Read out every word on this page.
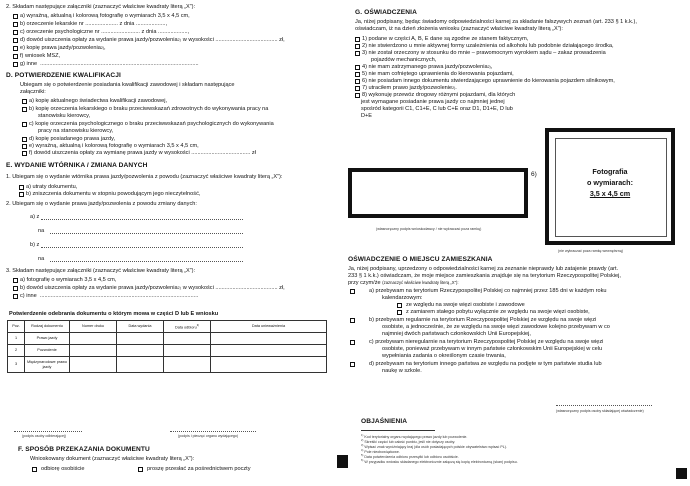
2. Składam następujące załączniki (zaznaczyć właściwe kwadraty literą „X”):
a) wyraźną, aktualną i kolorową fotografię o wymiarach 3,5 x 4,5 cm,
b) orzeczenie lekarskie nr ..................... z dnia ...................,
c) orzeczenie psychologiczne nr ......................... z dnia ...................,
d) dowód uiszczenia opłaty za wydanie prawa jazdy/pozwolenia 2) w wysokości ........................................ zł,
e) kopię prawa jazdy/pozwolenia 2) ,
f) wniosek MSZ,
g) inne ......................................................................................................
D. POTWIERDZENIE KWALIFIKACJI
Ubiegam się o potwierdzenie posiadania kwalifikacji zawodowej i składam następujące
załączniki:
a) kopię aktualnego świadectwa kwalifikacji zawodowej,
b) kopię orzeczenia lekarskiego o braku przeciwwskazań zdrowotnych do wykonywania pracy na
stanowisku kierowcy,
c) kopię orzeczenia psychologicznego o braku przeciwwskazań psychologicznych do wykonywania
pracy na stanowisku kierowcy,
d) kopię posiadanego prawa jazdy,
e) wyraźną, aktualną i kolorową fotografię o wymiarach 3,5 x 4,5 cm,
f) dowód uiszczenia opłaty za wymianę prawa jazdy w wysokości ...................................... zł
E. WYDANIE WTÓRNIKA / ZMIANA DANYCH
1. Ubiegam się o wydanie wtórnika prawa jazdy/pozwolenia z powodu (zaznaczyć właściwe kwadraty literą „X”):
a) utraty dokumentu,
b) zniszczenia dokumentu w stopniu powodującym jego nieczytelność,
2. Ubiegam się o wydanie prawa jazdy/pozwolenia z powodu zmiany danych:
a) z
na
b) z
na
3. Składam następujące załączniki (zaznaczyć właściwe kwadraty literą „X”):
a) fotografię o wymiarach 3,5 x 4,5 cm,
b) dowód uiszczenia opłaty za wydanie prawa jazdy/pozwolenia 2) w wysokości ........................................ zł,
c) inne ......................................................................................................
Potwierdzenie odebrania dokumentu o którym mowa w części D lub E wniosku
Poz.	Rodzaj dokumentu	Numer druku	Data wydania	Data odbioru$^{3)}$	Data unieważnienia
1	Prawo jazdy				
2	Pozwolenie				
3	Międzynarodowe prawo jazdy				
(podpis osoby odbierającej)	(podpis i pieczęć organu wydającego)
F. SPOSÓB PRZEKAZANIA DOKUMENTU
Wnioskowany dokument (zaznaczyć właściwe kwadraty literą „X”):
odbiorę osobiście	proszę przesłać za pośrednictwem poczty
G. OŚWIADCZENIA
Ja, niżej podpisany, będąc świadomy odpowiedzialności karnej za składanie fałszywych zeznań (art. 233 § 1 k.k.),
oświadczam, iż na dzień złożenia wniosku (zaznaczyć właściwe kwadraty literą „X”):
1) podane w części A, B, E dane są zgodne ze stanem faktycznym,
2) nie stwierdzono u mnie aktywnej formy uzależnienia od alkoholu lub podobnie działającego środka,
3) nie został orzeczony w stosunku do mnie – prawomocnym wyrokiem sądu – zakaz prowadzenia
pojazdów mechanicznych,
4) nie mam zatrzymanego prawa jazdy/pozwolenia 2) ,
5) nie mam cofniętego uprawnienia do kierowania pojazdami,
6) nie posiadam innego dokumentu stwierdzającego uprawnienie do kierowania pojazdem silnikowym,
7) utraciłem prawo jazdy/pozwolenie 2) .
8) wykonuję przewóz drogowy różnymi pojazdami, dla których
jest wymagane posiadanie prawa jazdy co najmniej jednej
spośród kategorii C1, C1+E, C lub C+E oraz D1, D1+E, D lub
D+E
6)
(własnoręczny podpis wnioskodawcy / nie wykraczać poza ramkę)
Fotografia
o wymiarach:
3,5 x 4,5 cm
(nie wykraczać poza ramkę wewnętrzną)
OŚWIADCZENIE O MIEJSCU ZAMIESZKANIA
Ja, niżej podpisany, uprzedzony o odpowiedzialności karnej za zeznanie nieprawdy lub zatajenie prawdy (art.
233 § 1 k.k.) oświadczam, że moje miejsce zamieszkania znajduje się na terytorium Rzeczypospolitej Polskiej,
przy czym/że (zaznaczyć właściwe kwadraty literą „X”):
a) przebywam na terytorium Rzeczypospolitej Polskiej co najmniej przez 185 dni w każdym roku
kalendarzowym:
ze względu na swoje więzi osobiste i zawodowe
z zamiarem stałego pobytu wyłącznie ze względu na swoje więzi osobiste,
b) przebywam regularnie na terytorium Rzeczypospolitej Polskiej ze względu na swoje więzi
osobiste, a jednocześnie, że ze względu na swoje więzi zawodowe kolejno przebywam w co
najmniej dwóch państwach członkowskich Unii Europejskiej,
c) przebywam nieregularnie na terytorium Rzeczypospolitej Polskiej ze względu na swoje więzi
osobiste, ponieważ przebywam w innym państwie członkowskim Unii Europejskiej w celu
wypełniania zadania o określonym czasie trwania,
d) przebywam na terytorium innego państwa ze względu na podjęte w tym państwie studia lub
naukę w szkole.
(własnoręczny podpis osoby składającej oświadczenie)
OBJAŚNIENIA
$^{1)}$ Kod terytorialny organu wydającego prawo jazdy lub pozwolenie.
$^{2)}$ Skreślić części lub całość punktu, jeśli nie dotyczy osoby.
$^{3)}$ Wpisać znak wyróżniający kraj (dla osób posiadających polskie obywatelstwo wpisać PL).
$^{4)}$ Pole nieobowiązkowe.
$^{5)}$ Data potwierdzenia odbioru przesyłki lub odbioru osobiście.
$^{6)}$ W przypadku wniosku składanego elektronicznie załączą się kopię elektroniczną (skan) podpisu.
